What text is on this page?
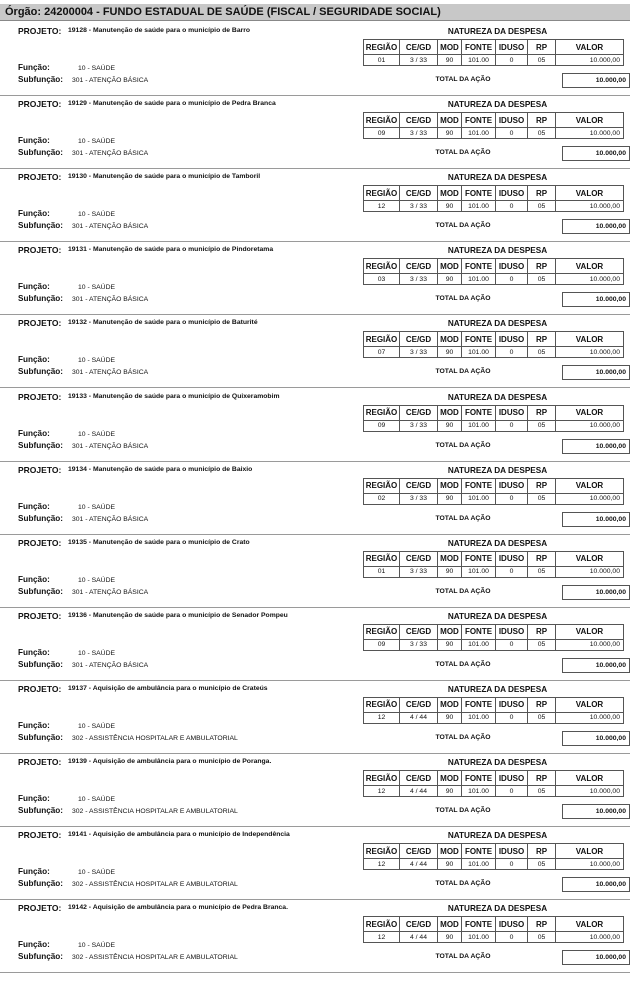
Órgão: 24200004 - FUNDO ESTADUAL DE SAÚDE (FISCAL / SEGURIDADE SOCIAL)
PROJETO: 19128 - Manutenção de saúde para o município de Barro	NATUREZA DA DESPESA
REGIÃO	CE/GD	MOD	FONTE	IDUSO	RP	VALOR
01	3 / 33	90	101.00	0	05	10.000,00
Função:	10 - SAÚDE
Subfunção: 301 - ATENÇÃO BÁSICA	TOTAL DA AÇÃO	10.000,00
PROJETO: 19129 - Manutenção de saúde para o município de Pedra Branca	NATUREZA DA DESPESA
REGIÃO	CE/GD	MOD	FONTE	IDUSO	RP	VALOR
09	3 / 33	90	101.00	0	05	10.000,00
Função:	10 - SAÚDE
Subfunção: 301 - ATENÇÃO BÁSICA	TOTAL DA AÇÃO	10.000,00
PROJETO: 19130 - Manutenção de saúde para o município de Tamboril	NATUREZA DA DESPESA
REGIÃO	CE/GD	MOD	FONTE	IDUSO	RP	VALOR
12	3 / 33	90	101.00	0	05	10.000,00
Função:	10 - SAÚDE
Subfunção: 301 - ATENÇÃO BÁSICA	TOTAL DA AÇÃO	10.000,00
PROJETO: 19131 - Manutenção de saúde para o município de Pindoretama	NATUREZA DA DESPESA
REGIÃO	CE/GD	MOD	FONTE	IDUSO	RP	VALOR
03	3 / 33	90	101.00	0	05	10.000,00
Função:	10 - SAÚDE
Subfunção: 301 - ATENÇÃO BÁSICA	TOTAL DA AÇÃO	10.000,00
PROJETO: 19132 - Manutenção de saúde para o município de Baturité	NATUREZA DA DESPESA
REGIÃO	CE/GD	MOD	FONTE	IDUSO	RP	VALOR
07	3 / 33	90	101.00	0	05	10.000,00
Função:	10 - SAÚDE
Subfunção: 301 - ATENÇÃO BÁSICA	TOTAL DA AÇÃO	10.000,00
PROJETO: 19133 - Manutenção de saúde para o município de Quixeramobim	NATUREZA DA DESPESA
REGIÃO	CE/GD	MOD	FONTE	IDUSO	RP	VALOR
09	3 / 33	90	101.00	0	05	10.000,00
Função:	10 - SAÚDE
Subfunção: 301 - ATENÇÃO BÁSICA	TOTAL DA AÇÃO	10.000,00
PROJETO: 19134 - Manutenção de saúde para o município de Baixio	NATUREZA DA DESPESA
REGIÃO	CE/GD	MOD	FONTE	IDUSO	RP	VALOR
02	3 / 33	90	101.00	0	05	10.000,00
Função:	10 - SAÚDE
Subfunção: 301 - ATENÇÃO BÁSICA	TOTAL DA AÇÃO	10.000,00
PROJETO: 19135 - Manutenção de saúde para o município de Crato	NATUREZA DA DESPESA
REGIÃO	CE/GD	MOD	FONTE	IDUSO	RP	VALOR
01	3 / 33	90	101.00	0	05	10.000,00
Função:	10 - SAÚDE
Subfunção: 301 - ATENÇÃO BÁSICA	TOTAL DA AÇÃO	10.000,00
PROJETO: 19136 - Manutenção de saúde para o município de Senador Pompeu	NATUREZA DA DESPESA
REGIÃO	CE/GD	MOD	FONTE	IDUSO	RP	VALOR
09	3 / 33	90	101.00	0	05	10.000,00
Função:	10 - SAÚDE
Subfunção: 301 - ATENÇÃO BÁSICA	TOTAL DA AÇÃO	10.000,00
PROJETO: 19137 - Aquisição de ambulância para o município de Crateús	NATUREZA DA DESPESA
REGIÃO	CE/GD	MOD	FONTE	IDUSO	RP	VALOR
12	4 / 44	90	101.00	0	05	10.000,00
Função:	10 - SAÚDE
Subfunção: 302 - ASSISTÊNCIA HOSPITALAR E AMBULATORIAL	TOTAL DA AÇÃO	10.000,00
PROJETO: 19139 - Aquisição de ambulância para o município de Poranga.	NATUREZA DA DESPESA
REGIÃO	CE/GD	MOD	FONTE	IDUSO	RP	VALOR
12	4 / 44	90	101.00	0	05	10.000,00
Função:	10 - SAÚDE
Subfunção: 302 - ASSISTÊNCIA HOSPITALAR E AMBULATORIAL	TOTAL DA AÇÃO	10.000,00
PROJETO: 19141 - Aquisição de ambulância para o município de Independência	NATUREZA DA DESPESA
REGIÃO	CE/GD	MOD	FONTE	IDUSO	RP	VALOR
12	4 / 44	90	101.00	0	05	10.000,00
Função:	10 - SAÚDE
Subfunção: 302 - ASSISTÊNCIA HOSPITALAR E AMBULATORIAL	TOTAL DA AÇÃO	10.000,00
PROJETO: 19142 - Aquisição de ambulância para o município de Pedra Branca.	NATUREZA DA DESPESA
REGIÃO	CE/GD	MOD	FONTE	IDUSO	RP	VALOR
12	4 / 44	90	101.00	0	05	10.000,00
Função:	10 - SAÚDE
Subfunção: 302 - ASSISTÊNCIA HOSPITALAR E AMBULATORIAL	TOTAL DA AÇÃO	10.000,00
